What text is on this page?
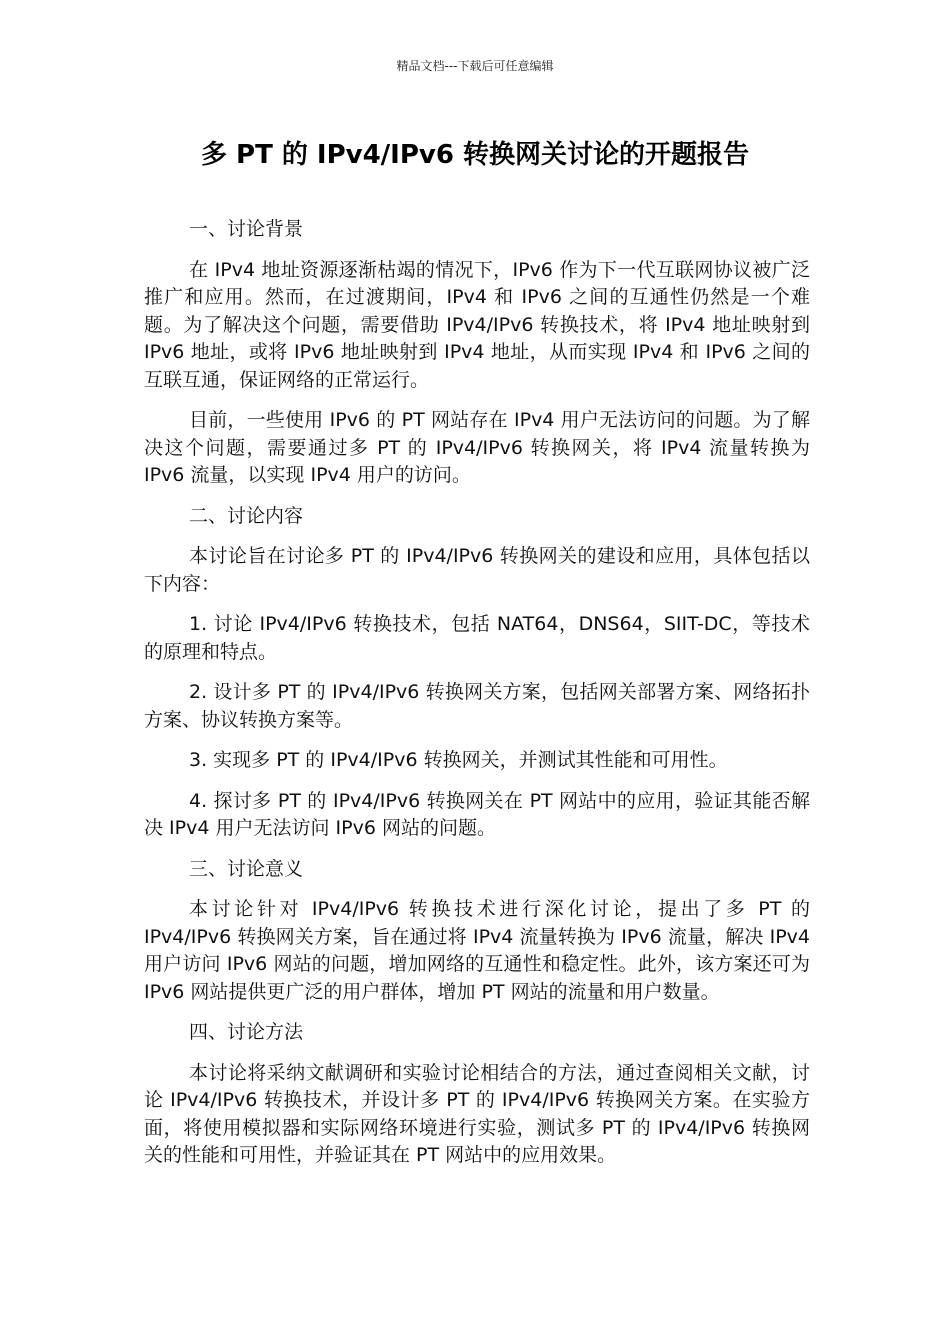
精品文档---下载后可任意编辑
多 PT 的 IPv4/IPv6 转换网关讨论的开题报告
一、讨论背景

在 IPv4 地址资源逐渐枯竭的情况下，IPv6 作为下一代互联网协议被广泛推广和应用。然而，在过渡期间，IPv4 和 IPv6 之间的互通性仍然是一个难题。为了解决这个问题，需要借助 IPv4/IPv6 转换技术，将 IPv4 地址映射到 IPv6 地址，或将 IPv6 地址映射到 IPv4 地址，从而实现 IPv4 和 IPv6 之间的互联互通，保证网络的正常运行。

目前，一些使用 IPv6 的 PT 网站存在 IPv4 用户无法访问的问题。为了解决这个问题，需要通过多 PT 的 IPv4/IPv6 转换网关，将 IPv4 流量转换为 IPv6 流量，以实现 IPv4 用户的访问。

二、讨论内容

本讨论旨在讨论多 PT 的 IPv4/IPv6 转换网关的建设和应用，具体包括以下内容：

1. 讨论 IPv4/IPv6 转换技术，包括 NAT64，DNS64，SIIT-DC，等技术的原理和特点。

2. 设计多 PT 的 IPv4/IPv6 转换网关方案，包括网关部署方案、网络拓扑方案、协议转换方案等。

3. 实现多 PT 的 IPv4/IPv6 转换网关，并测试其性能和可用性。

4. 探讨多 PT 的 IPv4/IPv6 转换网关在 PT 网站中的应用，验证其能否解决 IPv4 用户无法访问 IPv6 网站的问题。

三、讨论意义

本讨论针对 IPv4/IPv6 转换技术进行深化讨论，提出了多 PT 的 IPv4/IPv6 转换网关方案，旨在通过将 IPv4 流量转换为 IPv6 流量，解决 IPv4 用户访问 IPv6 网站的问题，增加网络的互通性和稳定性。此外，该方案还可为 IPv6 网站提供更广泛的用户群体，增加 PT 网站的流量和用户数量。

四、讨论方法

本讨论将采纳文献调研和实验讨论相结合的方法，通过查阅相关文献，讨论 IPv4/IPv6 转换技术，并设计多 PT 的 IPv4/IPv6 转换网关方案。在实验方面，将使用模拟器和实际网络环境进行实验，测试多 PT 的 IPv4/IPv6 转换网关的性能和可用性，并验证其在 PT 网站中的应用效果。
